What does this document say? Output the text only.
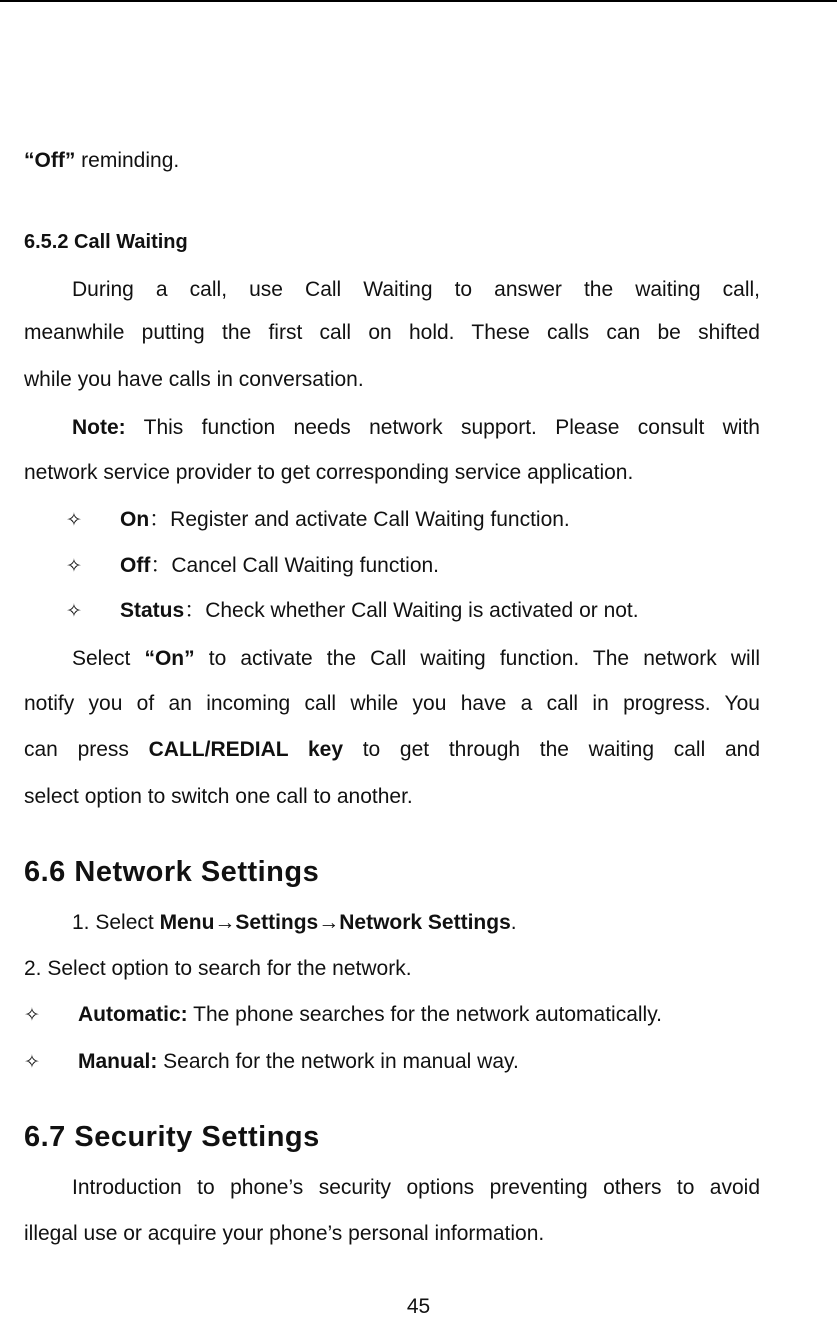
“Off” reminding.
6.5.2 Call Waiting
During a call, use Call Waiting to answer the waiting call,
meanwhile putting the first call on hold. These calls can be shifted
while you have calls in conversation.
Note: This function needs network support. Please consult with
network service provider to get corresponding service application.
✧ On：Register and activate Call Waiting function.
✧ Off：Cancel Call Waiting function.
✧ Status：Check whether Call Waiting is activated or not.
Select “On” to activate the Call waiting function. The network will
notify you of an incoming call while you have a call in progress. You
can press CALL/REDIAL key to get through the waiting call and
select option to switch one call to another.
6.6 Network Settings
1. Select Menu→Settings→Network Settings.
2. Select option to search for the network.
✧ Automatic: The phone searches for the network automatically.
✧ Manual: Search for the network in manual way.
6.7 Security Settings
Introduction to phone’s security options preventing others to avoid
illegal use or acquire your phone’s personal information.
45
